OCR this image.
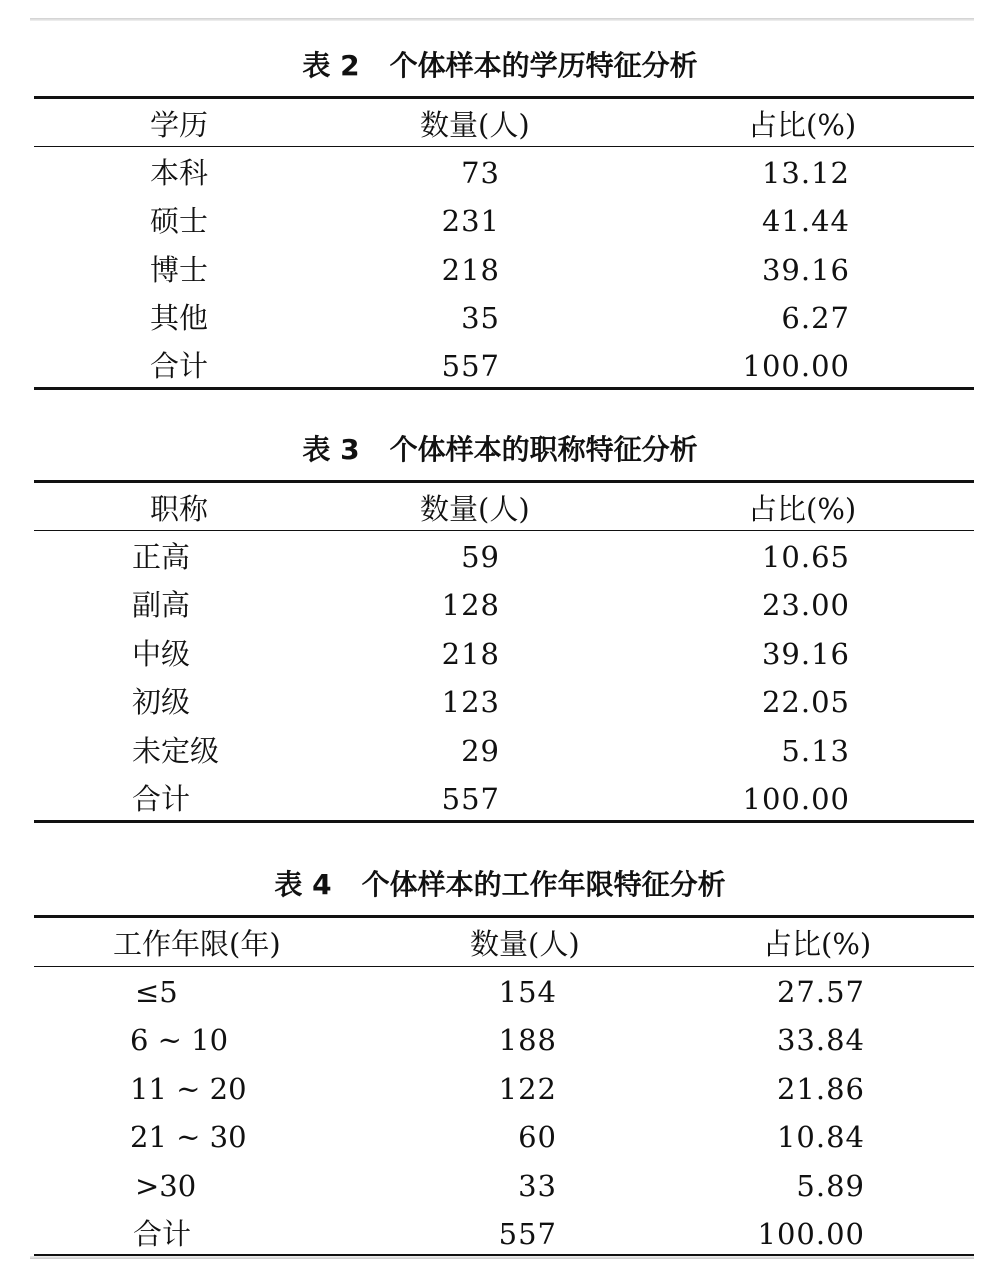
表 2 个体样本的学历特征分析
学历	数量(人)	占比(%)
本科	73	13.12
硕士	231	41.44
博士	218	39.16
其他	35	6.27
合计	557	100.00
表 3 个体样本的职称特征分析
职称	数量(人)	占比(%)
正高	59	10.65
副高	128	23.00
中级	218	39.16
初级	123	22.05
未定级	29	5.13
合计	557	100.00
表 4 个体样本的工作年限特征分析
工作年限(年)	数量(人)	占比(%)
≤5	154	27.57
6 ~ 10	188	33.84
11 ~ 20	122	21.86
21 ~ 30	60	10.84
>30	33	5.89
合计	557	100.00
